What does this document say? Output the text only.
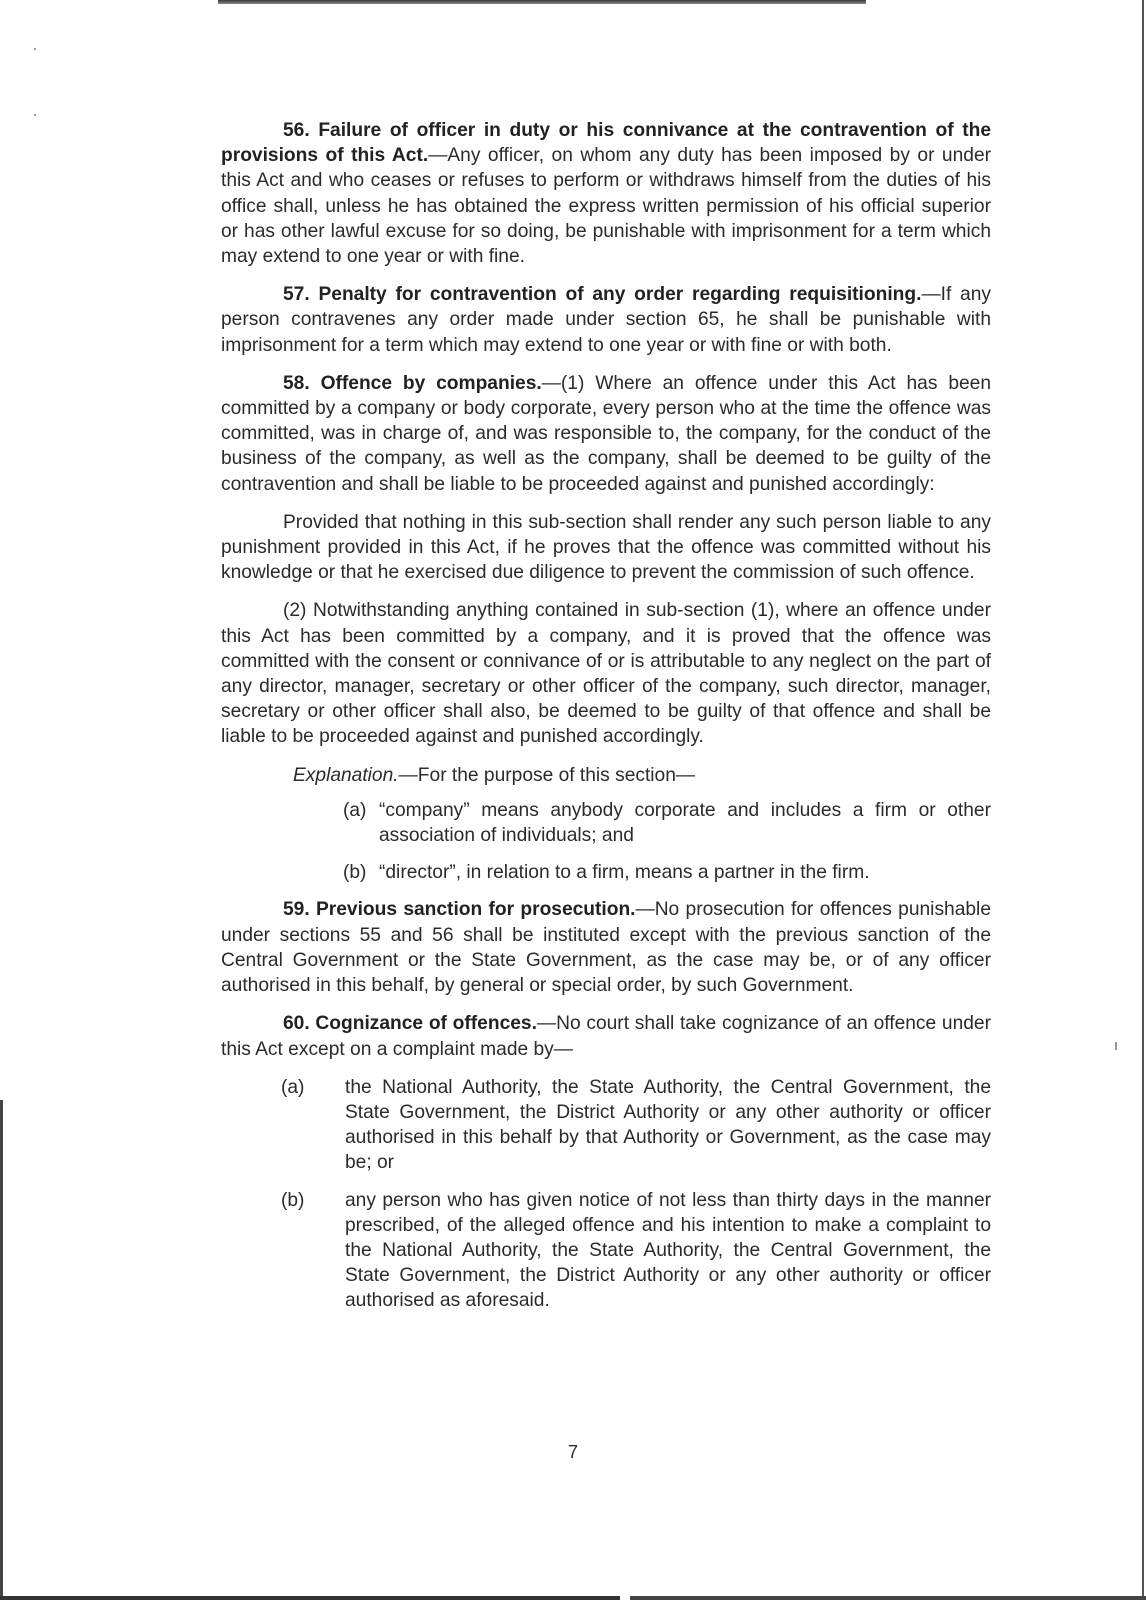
56. Failure of officer in duty or his connivance at the contravention of the provisions of this Act.—Any officer, on whom any duty has been imposed by or under this Act and who ceases or refuses to perform or withdraws himself from the duties of his office shall, unless he has obtained the express written permission of his official superior or has other lawful excuse for so doing, be punishable with imprisonment for a term which may extend to one year or with fine.

57. Penalty for contravention of any order regarding requisitioning.—If any person contravenes any order made under section 65, he shall be punishable with imprisonment for a term which may extend to one year or with fine or with both.

58. Offence by companies.—(1) Where an offence under this Act has been committed by a company or body corporate, every person who at the time the offence was committed, was in charge of, and was responsible to, the company, for the conduct of the business of the company, as well as the company, shall be deemed to be guilty of the contravention and shall be liable to be proceeded against and punished accordingly:

Provided that nothing in this sub-section shall render any such person liable to any punishment provided in this Act, if he proves that the offence was committed without his knowledge or that he exercised due diligence to prevent the commission of such offence.

(2) Notwithstanding anything contained in sub-section (1), where an offence under this Act has been committed by a company, and it is proved that the offence was committed with the consent or connivance of or is attributable to any neglect on the part of any director, manager, secretary or other officer of the company, such director, manager, secretary or other officer shall also, be deemed to be guilty of that offence and shall be liable to be proceeded against and punished accordingly.

Explanation.—For the purpose of this section—

(a) “company” means anybody corporate and includes a firm or other association of individuals; and
(b) “director”, in relation to a firm, means a partner in the firm.

59. Previous sanction for prosecution.—No prosecution for offences punishable under sections 55 and 56 shall be instituted except with the previous sanction of the Central Government or the State Government, as the case may be, or of any officer authorised in this behalf, by general or special order, by such Government.

60. Cognizance of offences.—No court shall take cognizance of an offence under this Act except on a complaint made by—

(a)	the National Authority, the State Authority, the Central Government, the State Government, the District Authority or any other authority or officer authorised in this behalf by that Authority or Government, as the case may be; or
(b)	any person who has given notice of not less than thirty days in the manner prescribed, of the alleged offence and his intention to make a complaint to the National Authority, the State Authority, the Central Government, the State Government, the District Authority or any other authority or officer authorised as aforesaid.
7
